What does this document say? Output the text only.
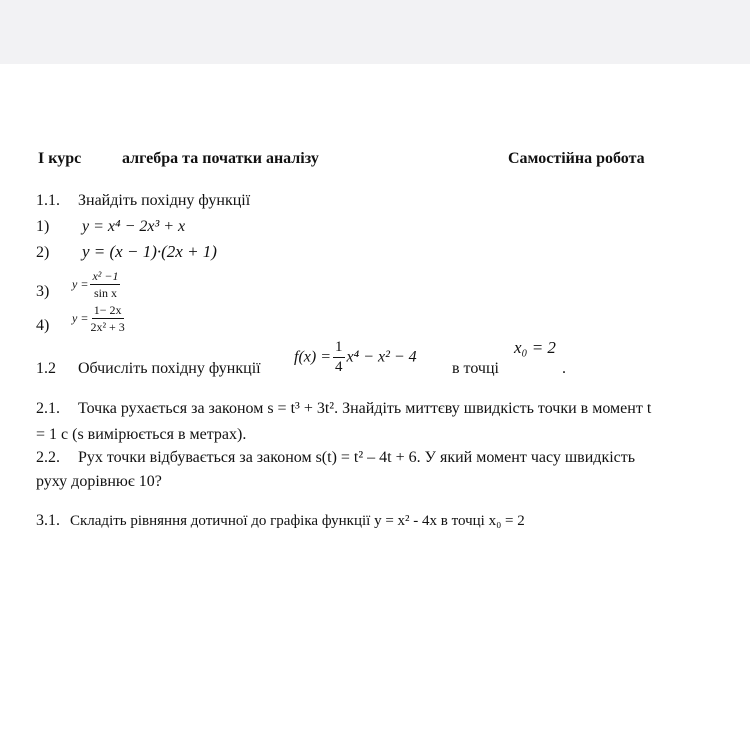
I курс	алгебра та початки аналізу	Самостійна робота
1.1. Знайдіть похідну функції
1) y = x⁴ − 2x³ + x
2) y = (x − 1)·(2x + 1)
3) $y = \frac{\text{x² −1}}{\text{sin x}}$
4) $y = \frac{1- 2x}{\text{2x² + 3}}$
1.2 Обчисліть похідну функції
$f(x) = \frac{1}{4} x^4 - x^2 - 4$
в точці
x₀ = 2
.
2.1. Точка рухається за законом s = t³ + 3t². Знайдіть миттєву швидкість точки в момент t
= 1 с (s вимірюється в метрах).
2.2. Рух точки відбувається за законом s(t) = t² – 4t + 6. У який момент часу швидкість
руху дорівнює 10?
3.1. Складіть рівняння дотичної до графіка функції y = x² - 4x в точці x₀ = 2
